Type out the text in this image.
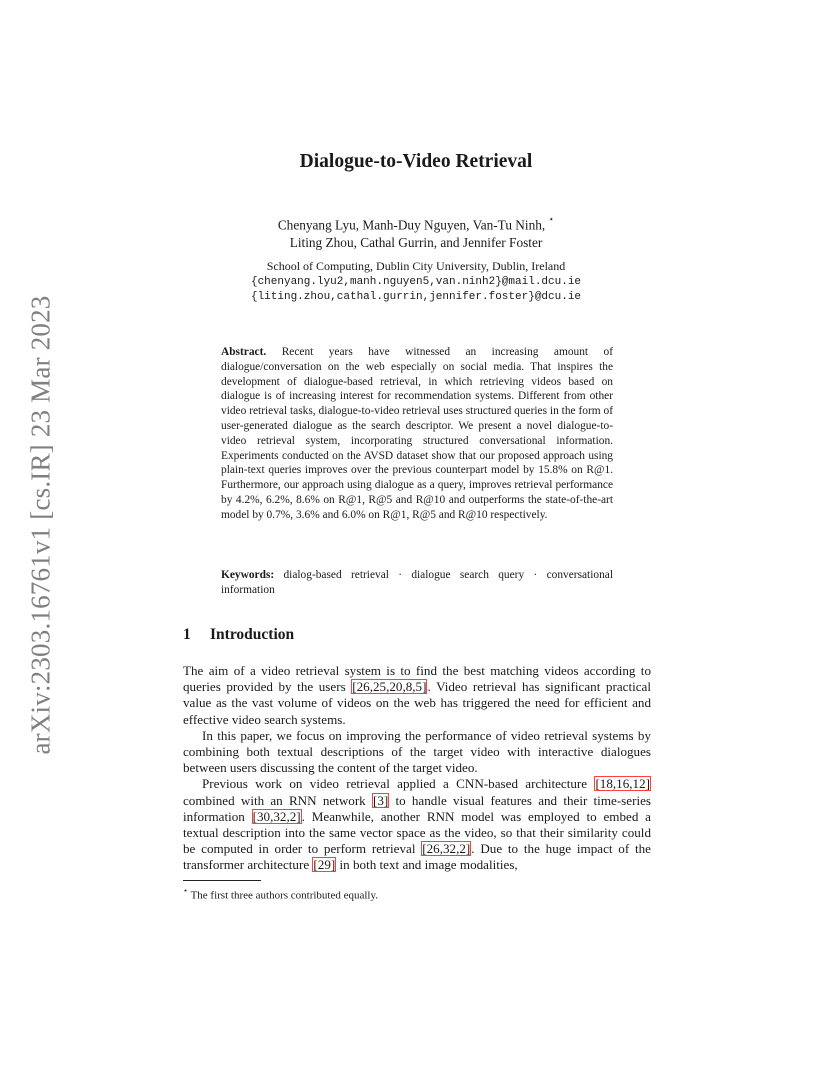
arXiv:2303.16761v1 [cs.IR] 23 Mar 2023
Dialogue-to-Video Retrieval
Chenyang Lyu, Manh-Duy Nguyen, Van-Tu Ninh, ⋆
Liting Zhou, Cathal Gurrin, and Jennifer Foster
School of Computing, Dublin City University, Dublin, Ireland
{chenyang.lyu2,manh.nguyen5,van.ninh2}@mail.dcu.ie
{liting.zhou,cathal.gurrin,jennifer.foster}@dcu.ie
Abstract. Recent years have witnessed an increasing amount of dialogue/conversation on the web especially on social media. That inspires the development of dialogue-based retrieval, in which retrieving videos based on dialogue is of increasing interest for recommendation systems. Different from other video retrieval tasks, dialogue-to-video retrieval uses structured queries in the form of user-generated dialogue as the search descriptor. We present a novel dialogue-to-video retrieval system, incorporating structured conversational information. Experiments conducted on the AVSD dataset show that our proposed approach using plain-text queries improves over the previous counterpart model by 15.8% on R@1. Furthermore, our approach using dialogue as a query, improves retrieval performance by 4.2%, 6.2%, 8.6% on R@1, R@5 and R@10 and outperforms the state-of-the-art model by 0.7%, 3.6% and 6.0% on R@1, R@5 and R@10 respectively.
Keywords: dialog-based retrieval · dialogue search query · conversational information
1 Introduction

The aim of a video retrieval system is to find the best matching videos according to queries provided by the users [26,25,20,8,5]. Video retrieval has significant practical value as the vast volume of videos on the web has triggered the need for efficient and effective video search systems.

In this paper, we focus on improving the performance of video retrieval systems by combining both textual descriptions of the target video with interactive dialogues between users discussing the content of the target video.

Previous work on video retrieval applied a CNN-based architecture [18,16,12] combined with an RNN network [3] to handle visual features and their time-series information [30,32,2]. Meanwhile, another RNN model was employed to embed a textual description into the same vector space as the video, so that their similarity could be computed in order to perform retrieval [26,32,2]. Due to the huge impact of the transformer architecture [29] in both text and image modalities,

⋆ The first three authors contributed equally.
